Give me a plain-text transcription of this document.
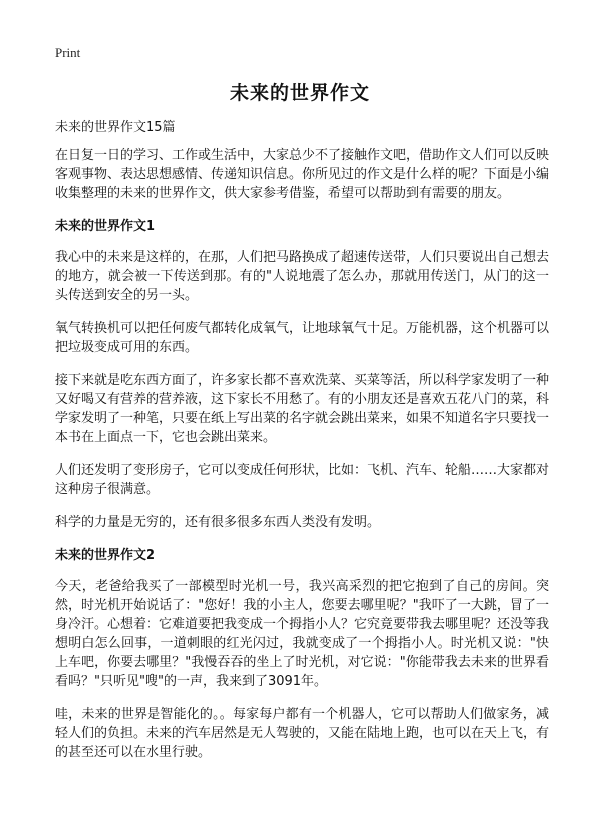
Print
未来的世界作文
未来的世界作文15篇

在日复一日的学习、工作或生活中，大家总少不了接触作文吧，借助作文人们可以反映客观事物、表达思想感情、传递知识信息。你所见过的作文是什么样的呢？下面是小编收集整理的未来的世界作文，供大家参考借鉴，希望可以帮助到有需要的朋友。

未来的世界作文1

我心中的未来是这样的，在那，人们把马路换成了超速传送带，人们只要说出自己想去的地方，就会被一下传送到那。有的"人说地震了怎么办，那就用传送门，从门的这一头传送到安全的另一头。

氧气转换机可以把任何废气都转化成氧气，让地球氧气十足。万能机器，这个机器可以把垃圾变成可用的东西。

接下来就是吃东西方面了，许多家长都不喜欢洗菜、买菜等活，所以科学家发明了一种又好喝又有营养的营养液，这下家长不用愁了。有的小朋友还是喜欢五花八门的菜，科学家发明了一种笔，只要在纸上写出菜的名字就会跳出菜来，如果不知道名字只要找一本书在上面点一下，它也会跳出菜来。

人们还发明了变形房子，它可以变成任何形状，比如：飞机、汽车、轮船……大家都对这种房子很满意。

科学的力量是无穷的，还有很多很多东西人类没有发明。

未来的世界作文2

今天，老爸给我买了一部模型时光机一号，我兴高采烈的把它抱到了自己的房间。突然，时光机开始说话了："您好！我的小主人，您要去哪里呢？"我吓了一大跳，冒了一身冷汗。心想着：它难道要把我变成一个拇指小人？它究竟要带我去哪里呢？还没等我想明白怎么回事，一道刺眼的红光闪过，我就变成了一个拇指小人。时光机又说："快上车吧，你要去哪里？"我慢吞吞的坐上了时光机，对它说："你能带我去未来的世界看看吗？"只听见"嗖"的一声，我来到了3091年。

哇，未来的世界是智能化的。。每家每户都有一个机器人，它可以帮助人们做家务，减轻人们的负担。未来的汽车居然是无人驾驶的，又能在陆地上跑，也可以在天上飞，有的甚至还可以在水里行驶。
